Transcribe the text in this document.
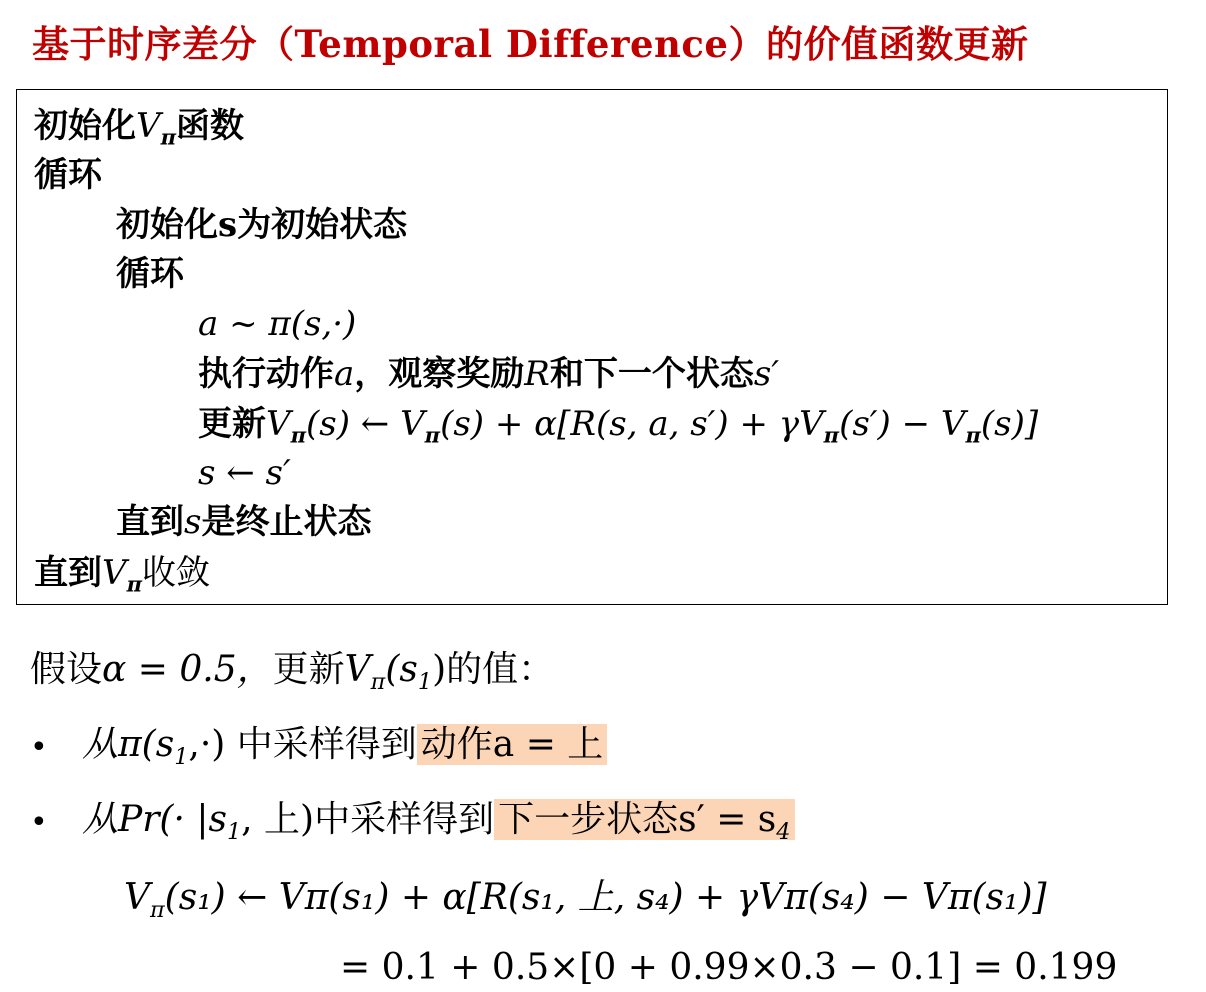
基于时序差分（Temporal Difference）的价值函数更新
初始化$V_\pi$函数
循环
初始化s为初始状态
循环
a ~ π(s,·)
执行动作a，观察奖励R和下一个状态s′
更新$V_\pi(s)$ ← $V_\pi(s) + \alpha[R(s$, a, $s') + \gamma V_\pi(s') - V_\pi(s)$]
s ← s′
直到s是终止状态
直到$V_\pi$收敛
假设α = 0.5，更新$V_\pi(s_1)$的值：
• 从$\pi(s_1,\cdot)$ 中采样得到 动作a = 上
• 从$Pr(\cdot |s_1$, 上)中采样得到 下一步状态$s' = s_4$
$V_\pi(s_1)$ ← Vπ(s₁) + α[R(s₁, 上, s₄) + γVπ(s₄) − Vπ(s₁)]
= 0.1 + 0.5×[0 + 0.99×0.3 − 0.1] = 0.199
